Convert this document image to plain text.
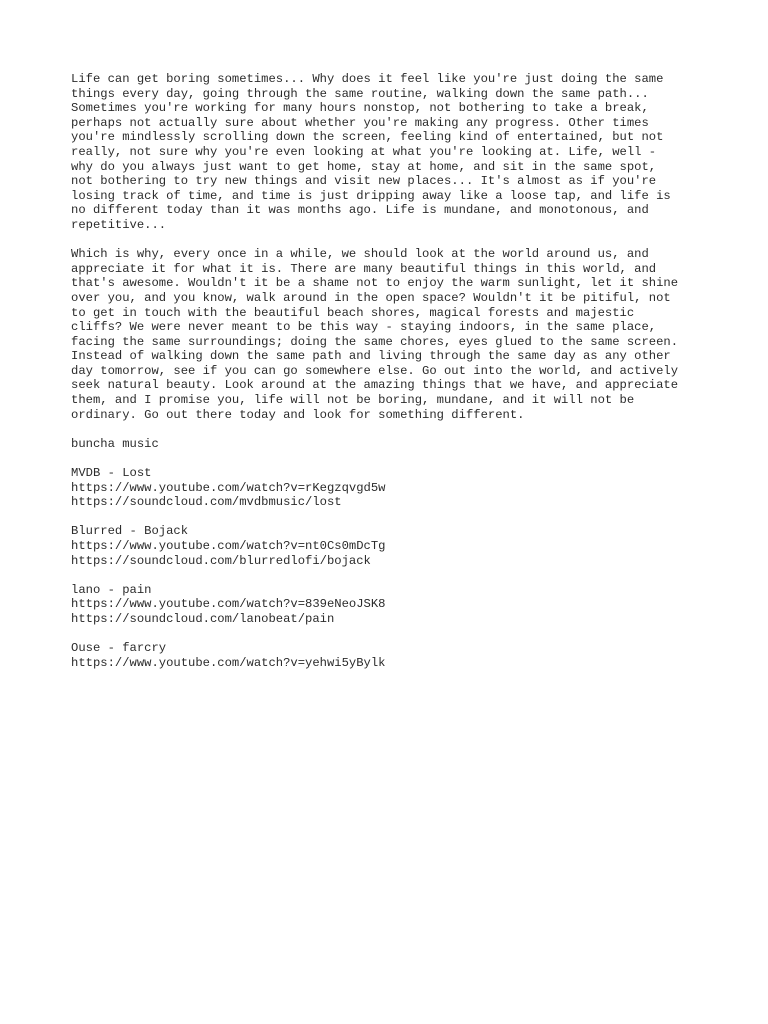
Life can get boring sometimes... Why does it feel like you're just doing the same
things every day, going through the same routine, walking down the same path...
Sometimes you're working for many hours nonstop, not bothering to take a break,
perhaps not actually sure about whether you're making any progress. Other times
you're mindlessly scrolling down the screen, feeling kind of entertained, but not
really, not sure why you're even looking at what you're looking at. Life, well -
why do you always just want to get home, stay at home, and sit in the same spot,
not bothering to try new things and visit new places... It's almost as if you're
losing track of time, and time is just dripping away like a loose tap, and life is
no different today than it was months ago. Life is mundane, and monotonous, and
repetitive...
Which is why, every once in a while, we should look at the world around us, and
appreciate it for what it is. There are many beautiful things in this world, and
that's awesome. Wouldn't it be a shame not to enjoy the warm sunlight, let it shine
over you, and you know, walk around in the open space? Wouldn't it be pitiful, not
to get in touch with the beautiful beach shores, magical forests and majestic
cliffs? We were never meant to be this way - staying indoors, in the same place,
facing the same surroundings; doing the same chores, eyes glued to the same screen.
Instead of walking down the same path and living through the same day as any other
day tomorrow, see if you can go somewhere else. Go out into the world, and actively
seek natural beauty. Look around at the amazing things that we have, and appreciate
them, and I promise you, life will not be boring, mundane, and it will not be
ordinary. Go out there today and look for something different.
buncha music
MVDB - Lost
https://www.youtube.com/watch?v=rKegzqvgd5w
https://soundcloud.com/mvdbmusic/lost
Blurred - Bojack
https://www.youtube.com/watch?v=nt0Cs0mDcTg
https://soundcloud.com/blurredlofi/bojack
lano - pain
https://www.youtube.com/watch?v=839eNeoJSK8
https://soundcloud.com/lanobeat/pain
Ouse - farcry
https://www.youtube.com/watch?v=yehwi5yBylk
